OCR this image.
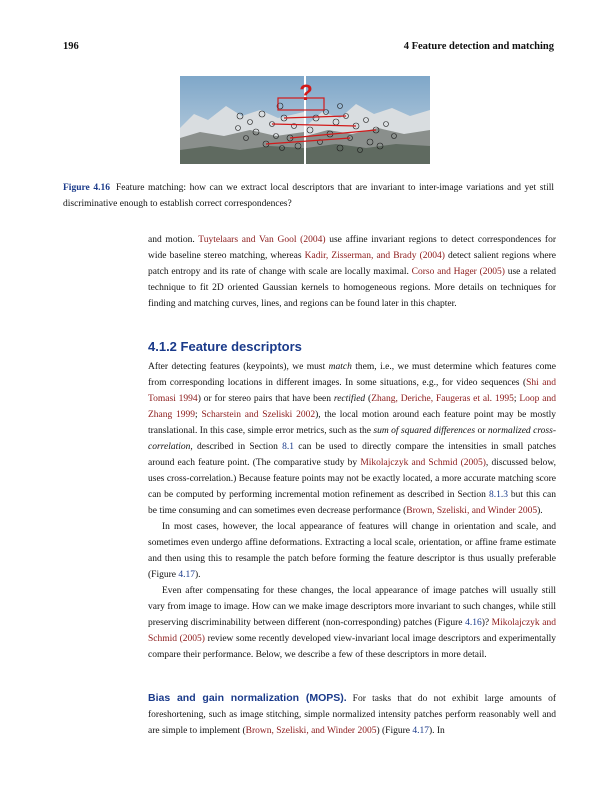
196	4 Feature detection and matching
?
Figure 4.16 Feature matching: how can we extract local descriptors that are invariant to inter-image variations and yet still discriminative enough to establish correct correspondences?

and motion. Tuytelaars and Van Gool (2004) use affine invariant regions to detect correspondences for wide baseline stereo matching, whereas Kadir, Zisserman, and Brady (2004) detect salient regions where patch entropy and its rate of change with scale are locally maximal. Corso and Hager (2005) use a related technique to fit 2D oriented Gaussian kernels to homogeneous regions. More details on techniques for finding and matching curves, lines, and regions can be found later in this chapter.

4.1.2 Feature descriptors

After detecting features (keypoints), we must match them, i.e., we must determine which features come from corresponding locations in different images. In some situations, e.g., for video sequences (Shi and Tomasi 1994) or for stereo pairs that have been rectified (Zhang, Deriche, Faugeras et al. 1995; Loop and Zhang 1999; Scharstein and Szeliski 2002), the local motion around each feature point may be mostly translational. In this case, simple error metrics, such as the sum of squared differences or normalized cross-correlation, described in Section 8.1 can be used to directly compare the intensities in small patches around each feature point. (The comparative study by Mikolajczyk and Schmid (2005), discussed below, uses cross-correlation.) Because feature points may not be exactly located, a more accurate matching score can be computed by performing incremental motion refinement as described in Section 8.1.3 but this can be time consuming and can sometimes even decrease performance (Brown, Szeliski, and Winder 2005).

In most cases, however, the local appearance of features will change in orientation and scale, and sometimes even undergo affine deformations. Extracting a local scale, orientation, or affine frame estimate and then using this to resample the patch before forming the feature descriptor is thus usually preferable (Figure 4.17).

Even after compensating for these changes, the local appearance of image patches will usually still vary from image to image. How can we make image descriptors more invariant to such changes, while still preserving discriminability between different (non-corresponding) patches (Figure 4.16)? Mikolajczyk and Schmid (2005) review some recently developed view-invariant local image descriptors and experimentally compare their performance. Below, we describe a few of these descriptors in more detail.

Bias and gain normalization (MOPS). For tasks that do not exhibit large amounts of foreshortening, such as image stitching, simple normalized intensity patches perform reasonably well and are simple to implement (Brown, Szeliski, and Winder 2005) (Figure 4.17). In
